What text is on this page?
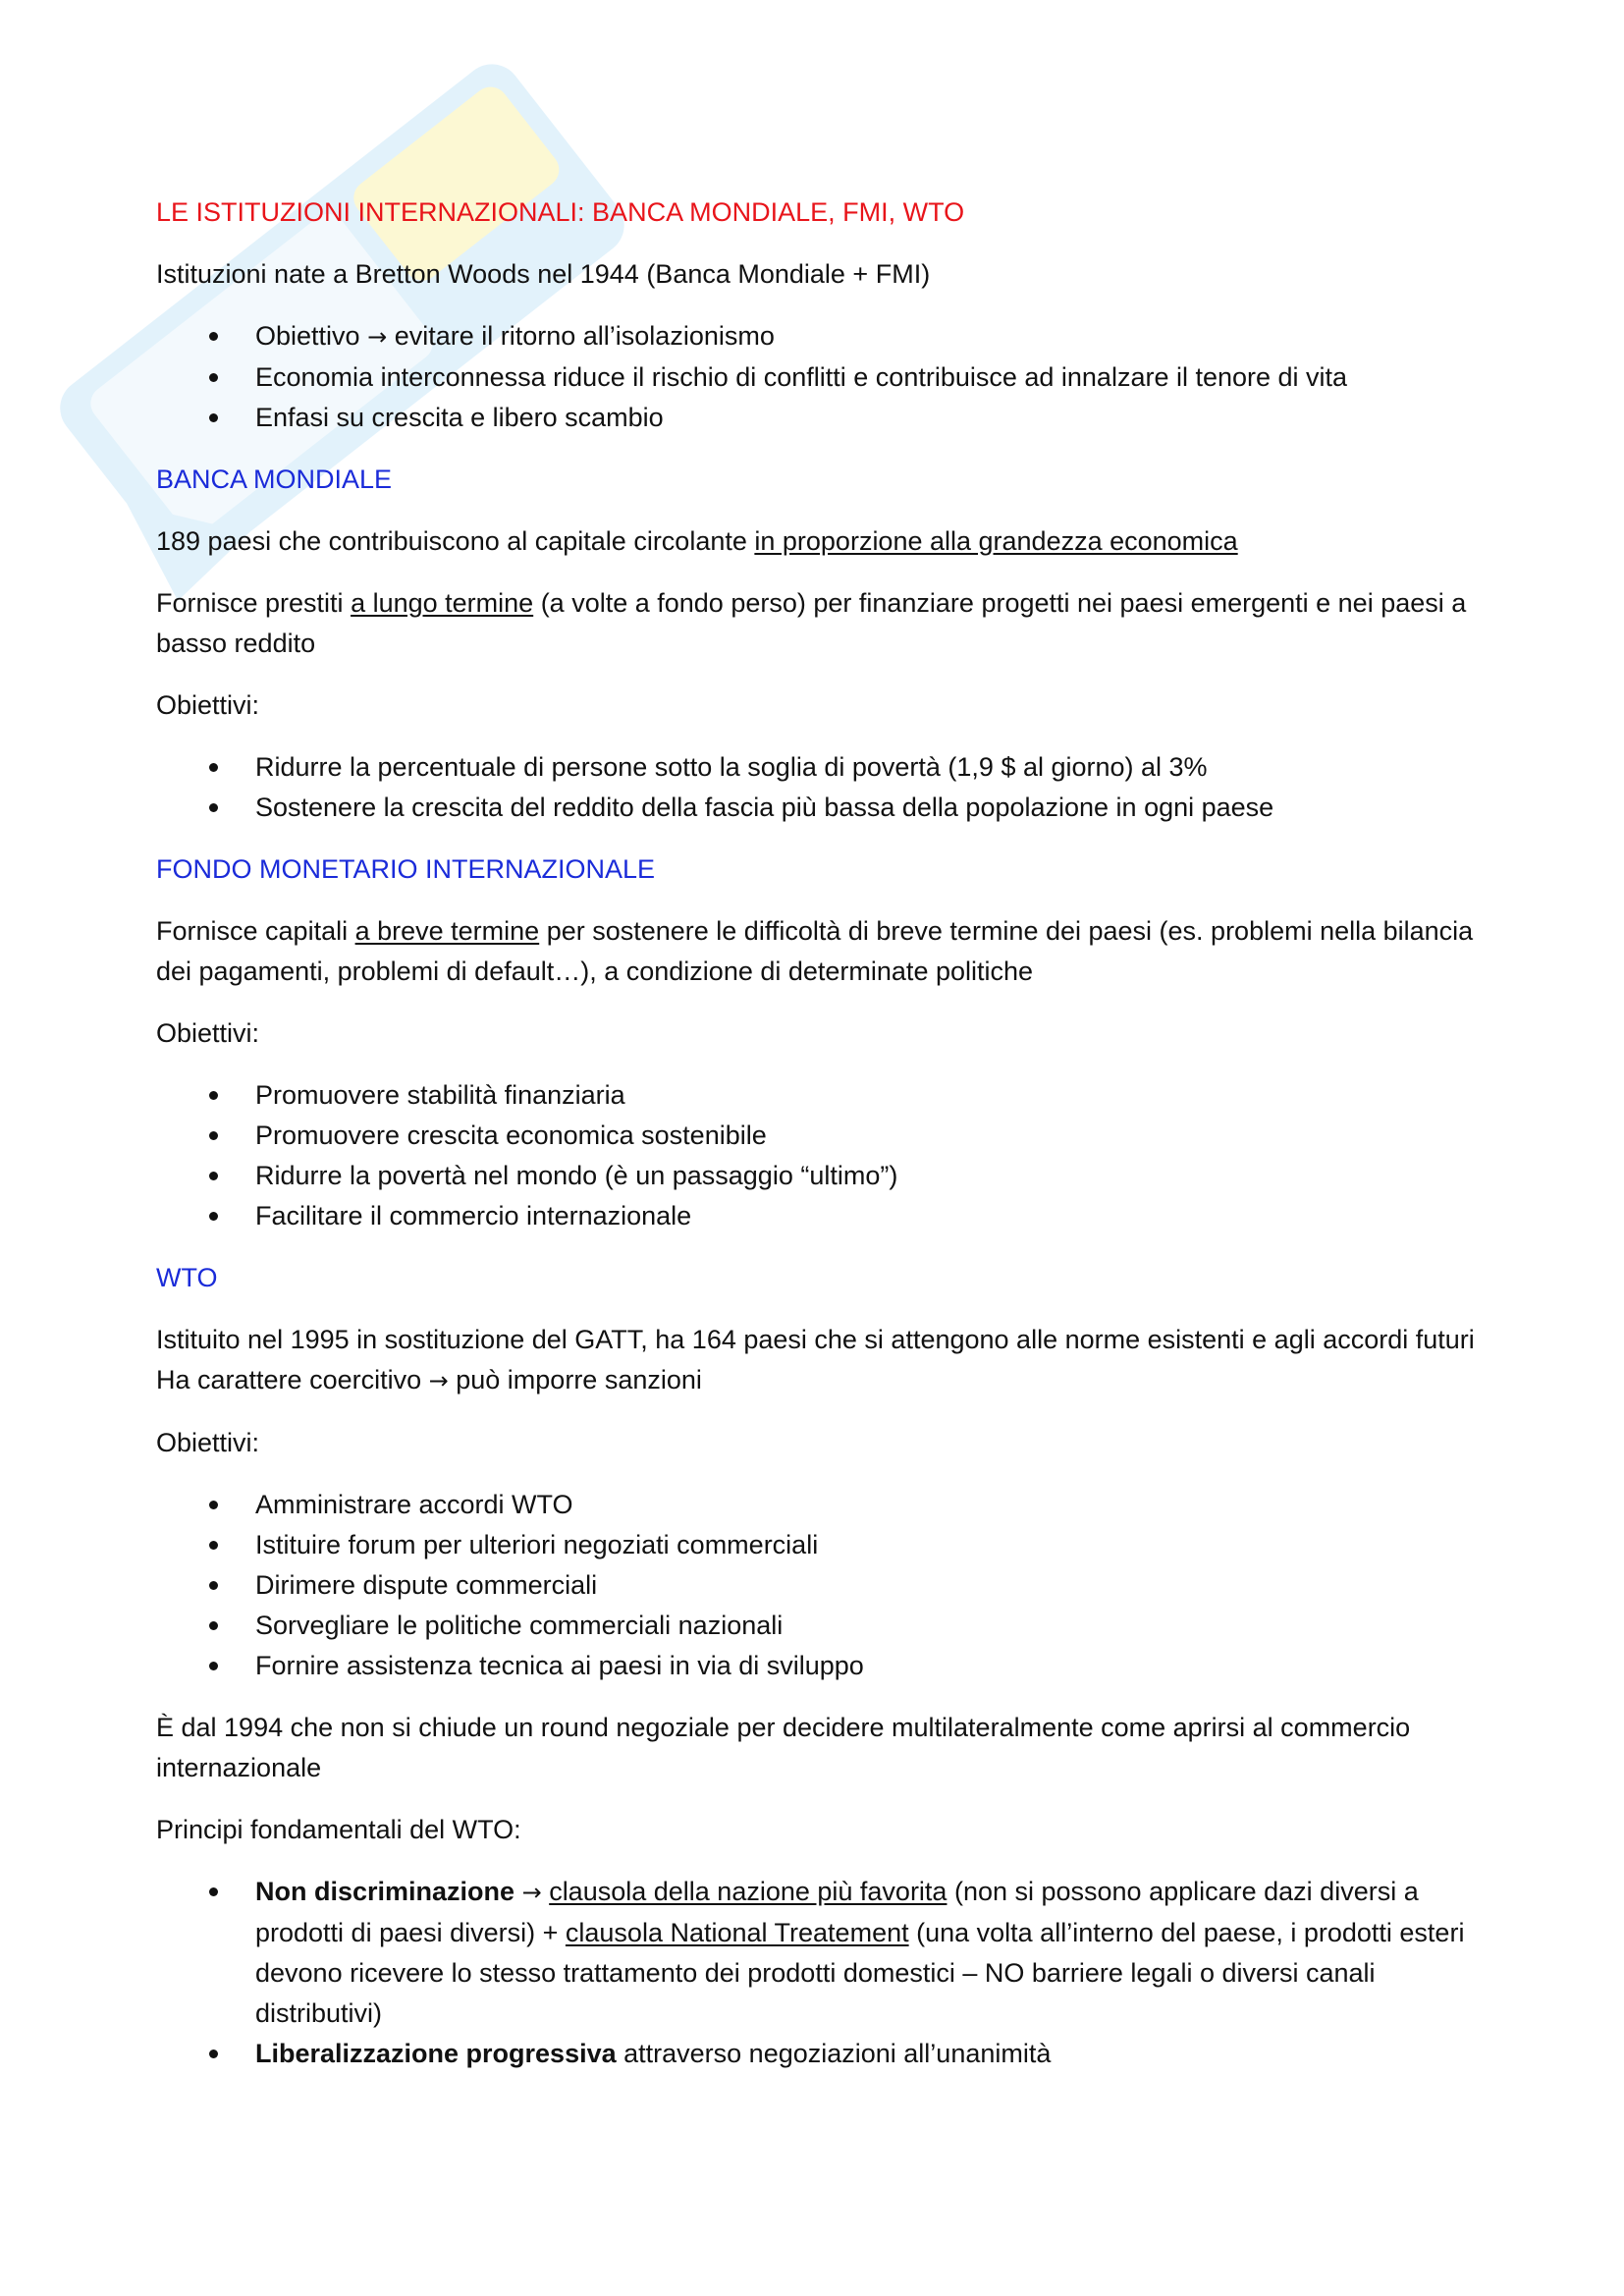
LE ISTITUZIONI INTERNAZIONALI: BANCA MONDIALE, FMI, WTO

Istituzioni nate a Bretton Woods nel 1944 (Banca Mondiale + FMI)

Obiettivo → evitare il ritorno all’isolazionismo
Economia interconnessa riduce il rischio di conflitti e contribuisce ad innalzare il tenore di vita
Enfasi su crescita e libero scambio
BANCA MONDIALE

189 paesi che contribuiscono al capitale circolante in proporzione alla grandezza economica

Fornisce prestiti a lungo termine (a volte a fondo perso) per finanziare progetti nei paesi emergenti e nei paesi a basso reddito

Obiettivi:

Ridurre la percentuale di persone sotto la soglia di povertà (1,9 $ al giorno) al 3%
Sostenere la crescita del reddito della fascia più bassa della popolazione in ogni paese
FONDO MONETARIO INTERNAZIONALE

Fornisce capitali a breve termine per sostenere le difficoltà di breve termine dei paesi (es. problemi nella bilancia dei pagamenti, problemi di default…), a condizione di determinate politiche

Obiettivi:

Promuovere stabilità finanziaria
Promuovere crescita economica sostenibile
Ridurre la povertà nel mondo (è un passaggio “ultimo”)
Facilitare il commercio internazionale
WTO

Istituito nel 1995 in sostituzione del GATT, ha 164 paesi che si attengono alle norme esistenti e agli accordi futuri
Ha carattere coercitivo → può imporre sanzioni

Obiettivi:

Amministrare accordi WTO
Istituire forum per ulteriori negoziati commerciali
Dirimere dispute commerciali
Sorvegliare le politiche commerciali nazionali
Fornire assistenza tecnica ai paesi in via di sviluppo

È dal 1994 che non si chiude un round negoziale per decidere multilateralmente come aprirsi al commercio internazionale

Principi fondamentali del WTO:

Non discriminazione → clausola della nazione più favorita (non si possono applicare dazi diversi a prodotti di paesi diversi) + clausola National Treatement (una volta all’interno del paese, i prodotti esteri devono ricevere lo stesso trattamento dei prodotti domestici – NO barriere legali o diversi canali distributivi)
Liberalizzazione progressiva attraverso negoziazioni all’unanimità
